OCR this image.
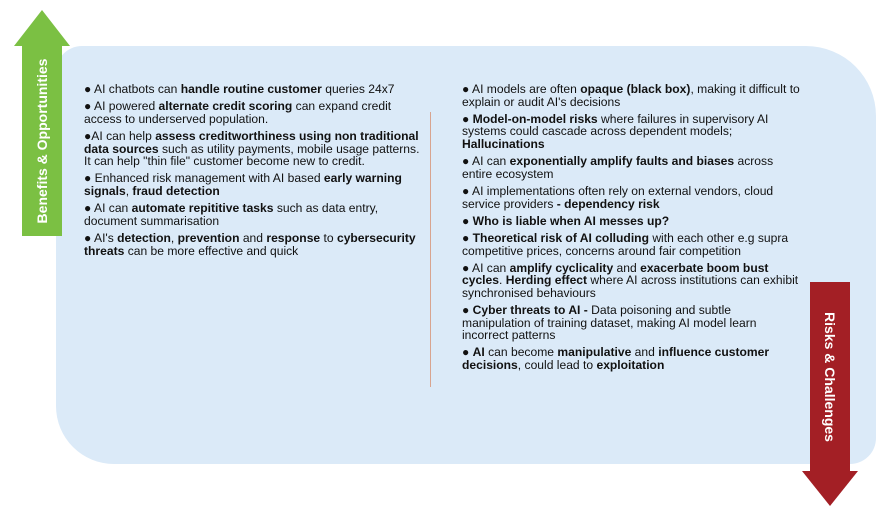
Benefits & Opportunities
Risks & Challenges
● AI chatbots can handle routine customer queries 24x7
● AI powered alternate credit scoring can expand credit access to underserved population.
●AI can help assess creditworthiness using non traditional data sources such as utility payments, mobile usage patterns. It can help "thin file" customer become new to credit.
● Enhanced risk management with AI based early warning signals, fraud detection
● AI can automate repititive tasks such as data entry, document summarisation
● AI's detection, prevention and response to cybersecurity threats can be more effective and quick
● AI models are often opaque (black box), making it difficult to explain or audit AI's decisions
● Model-on-model risks where failures in supervisory AI systems could cascade across dependent models; Hallucinations
● AI can exponentially amplify faults and biases across entire ecosystem
● AI implementations often rely on external vendors, cloud service providers - dependency risk
● Who is liable when AI messes up?
● Theoretical risk of AI colluding with each other e.g supra competitive prices, concerns around fair competition
● AI can amplify cyclicality and exacerbate boom bust cycles. Herding effect where AI across institutions can exhibit synchronised behaviours
● Cyber threats to AI - Data poisoning and subtle manipulation of training dataset, making AI model learn incorrect patterns
● AI can become manipulative and influence customer decisions, could lead to exploitation
